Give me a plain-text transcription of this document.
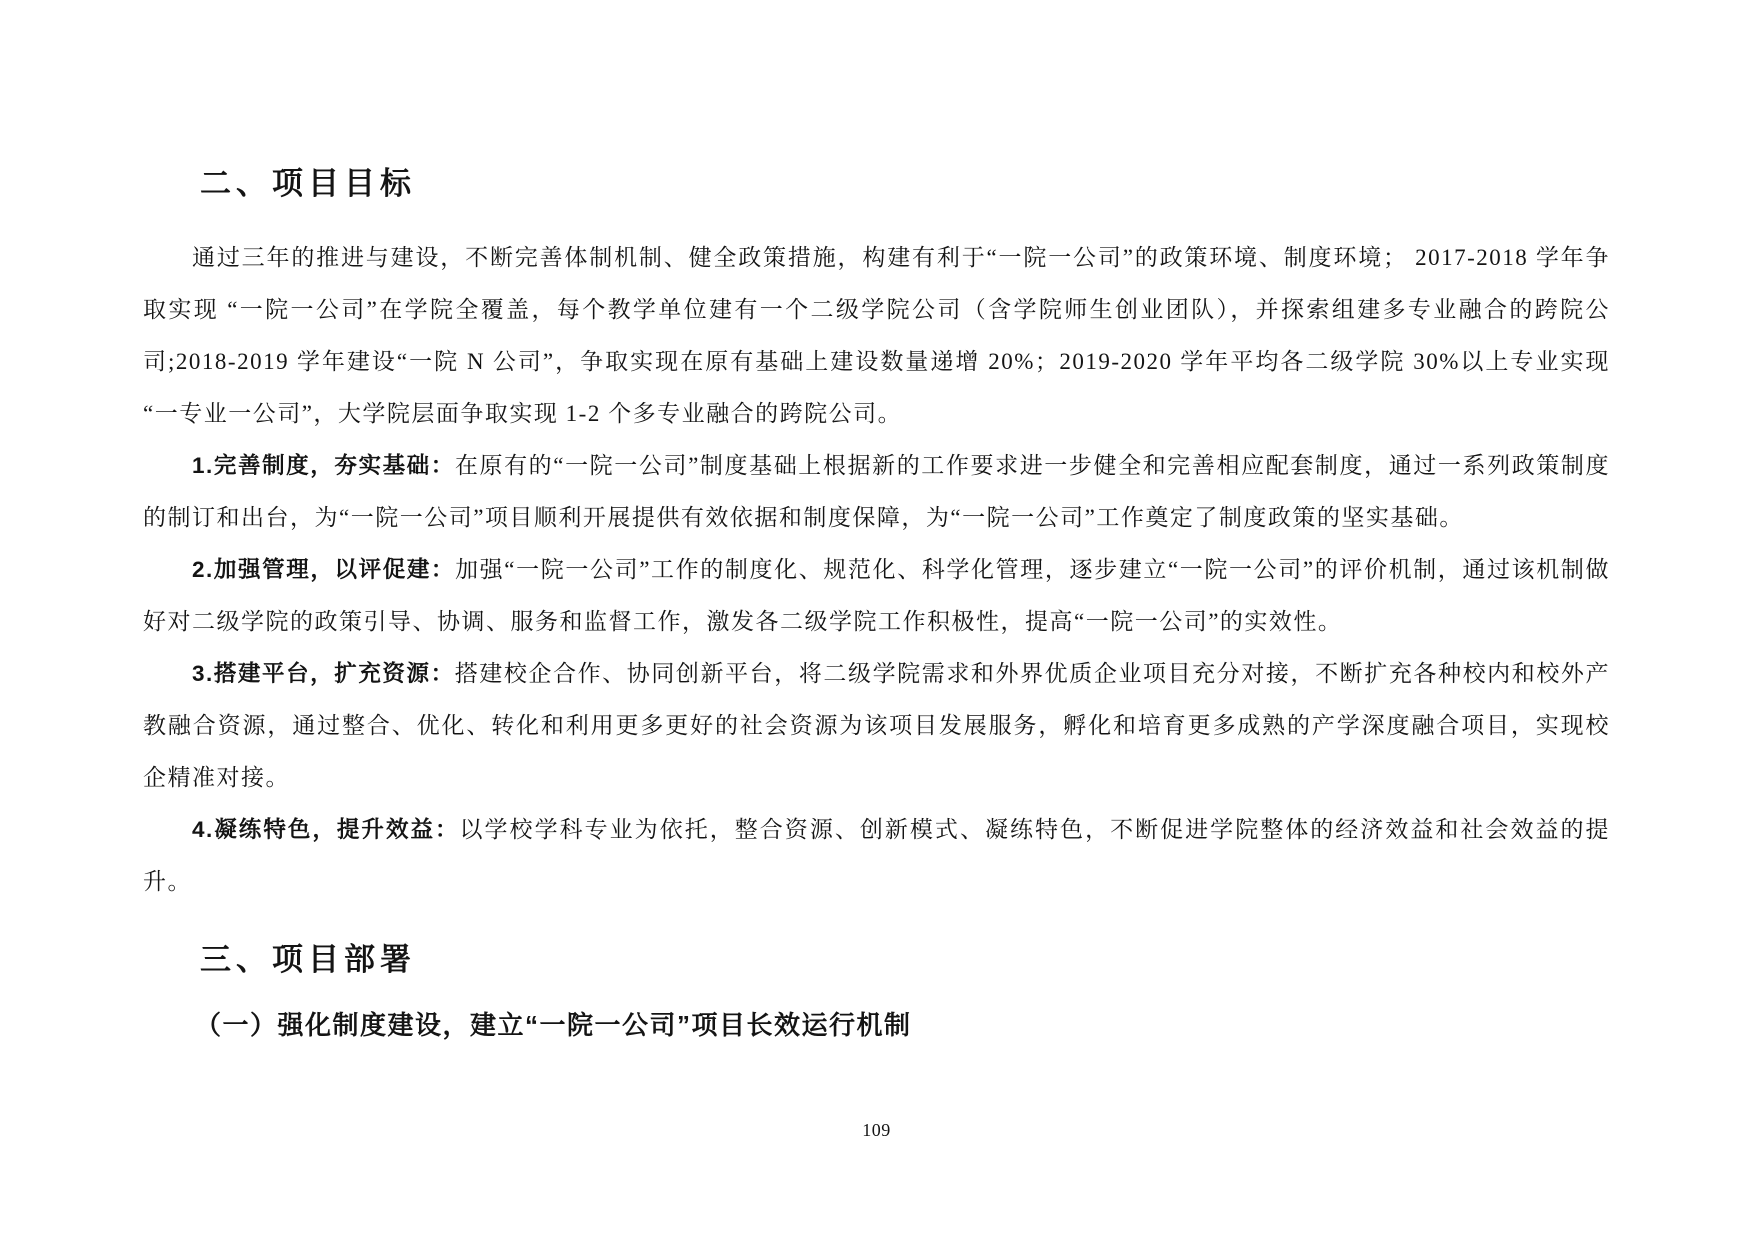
二、项目目标

通过三年的推进与建设，不断完善体制机制、健全政策措施，构建有利于“一院一公司”的政策环境、制度环境； 2017-2018 学年争取实现 “一院一公司”在学院全覆盖，每个教学单位建有一个二级学院公司（含学院师生创业团队），并探索组建多专业融合的跨院公司;2018-2019 学年建设“一院 N 公司”，争取实现在原有基础上建设数量递增 20%；2019-2020 学年平均各二级学院 30%以上专业实现“一专业一公司”，大学院层面争取实现 1-2 个多专业融合的跨院公司。

1.完善制度，夯实基础：在原有的“一院一公司”制度基础上根据新的工作要求进一步健全和完善相应配套制度，通过一系列政策制度的制订和出台，为“一院一公司”项目顺利开展提供有效依据和制度保障，为“一院一公司”工作奠定了制度政策的坚实基础。

2.加强管理，以评促建：加强“一院一公司”工作的制度化、规范化、科学化管理，逐步建立“一院一公司”的评价机制，通过该机制做好对二级学院的政策引导、协调、服务和监督工作，激发各二级学院工作积极性，提高“一院一公司”的实效性。

3.搭建平台，扩充资源：搭建校企合作、协同创新平台，将二级学院需求和外界优质企业项目充分对接，不断扩充各种校内和校外产教融合资源，通过整合、优化、转化和利用更多更好的社会资源为该项目发展服务，孵化和培育更多成熟的产学深度融合项目，实现校企精准对接。

4.凝练特色，提升效益：以学校学科专业为依托，整合资源、创新模式、凝练特色，不断促进学院整体的经济效益和社会效益的提升。

三、项目部署
（一）强化制度建设，建立“一院一公司”项目长效运行机制
109
